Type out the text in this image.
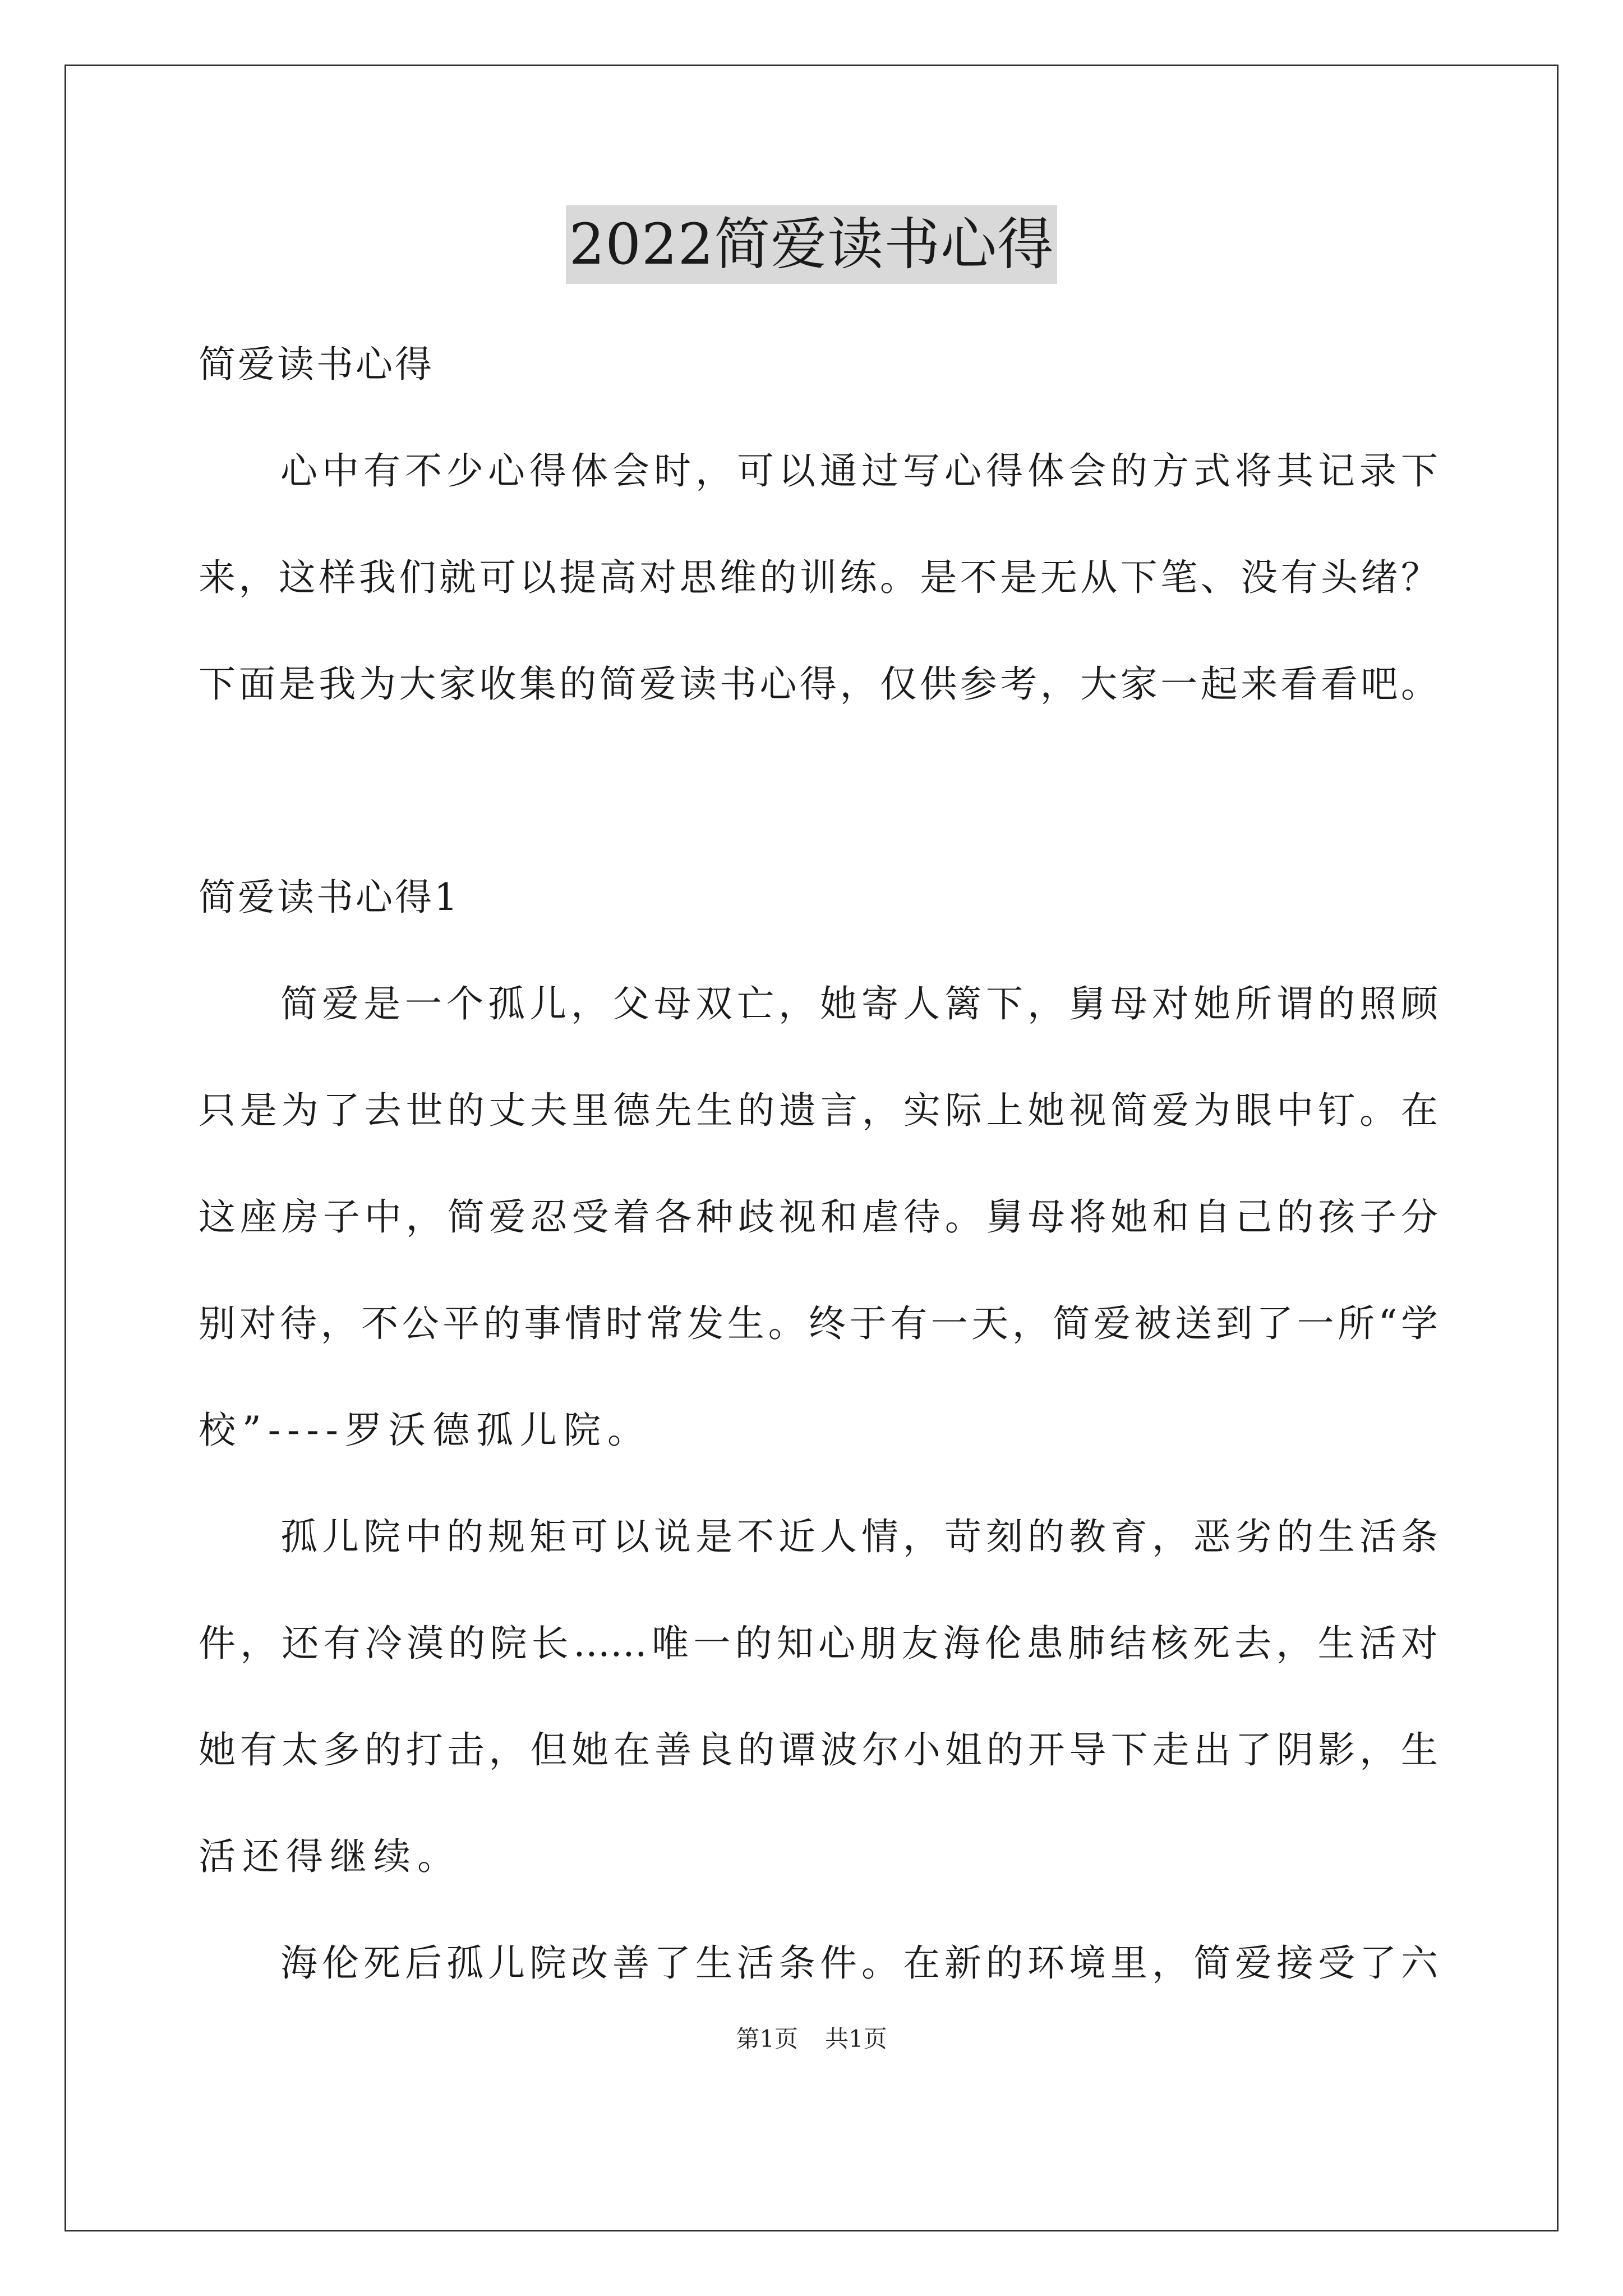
2022简爱读书心得
简爱读书心得
心中有不少心得体会时，可以通过写心得体会的方式将其记录下
来，这样我们就可以提高对思维的训练。是不是无从下笔、没有头绪？
下面是我为大家收集的简爱读书心得，仅供参考，大家一起来看看吧。
简爱读书心得1
简爱是一个孤儿，父母双亡，她寄人篱下，舅母对她所谓的照顾
只是为了去世的丈夫里德先生的遗言，实际上她视简爱为眼中钉。在
这座房子中，简爱忍受着各种歧视和虐待。舅母将她和自己的孩子分
别对待，不公平的事情时常发生。终于有一天，简爱被送到了一所“学
校”----罗沃德孤儿院。
孤儿院中的规矩可以说是不近人情，苛刻的教育，恶劣的生活条
件，还有冷漠的院长……唯一的知心朋友海伦患肺结核死去，生活对
她有太多的打击，但她在善良的谭波尔小姐的开导下走出了阴影，生
活还得继续。
海伦死后孤儿院改善了生活条件。在新的环境里，简爱接受了六
第1页 共1页
